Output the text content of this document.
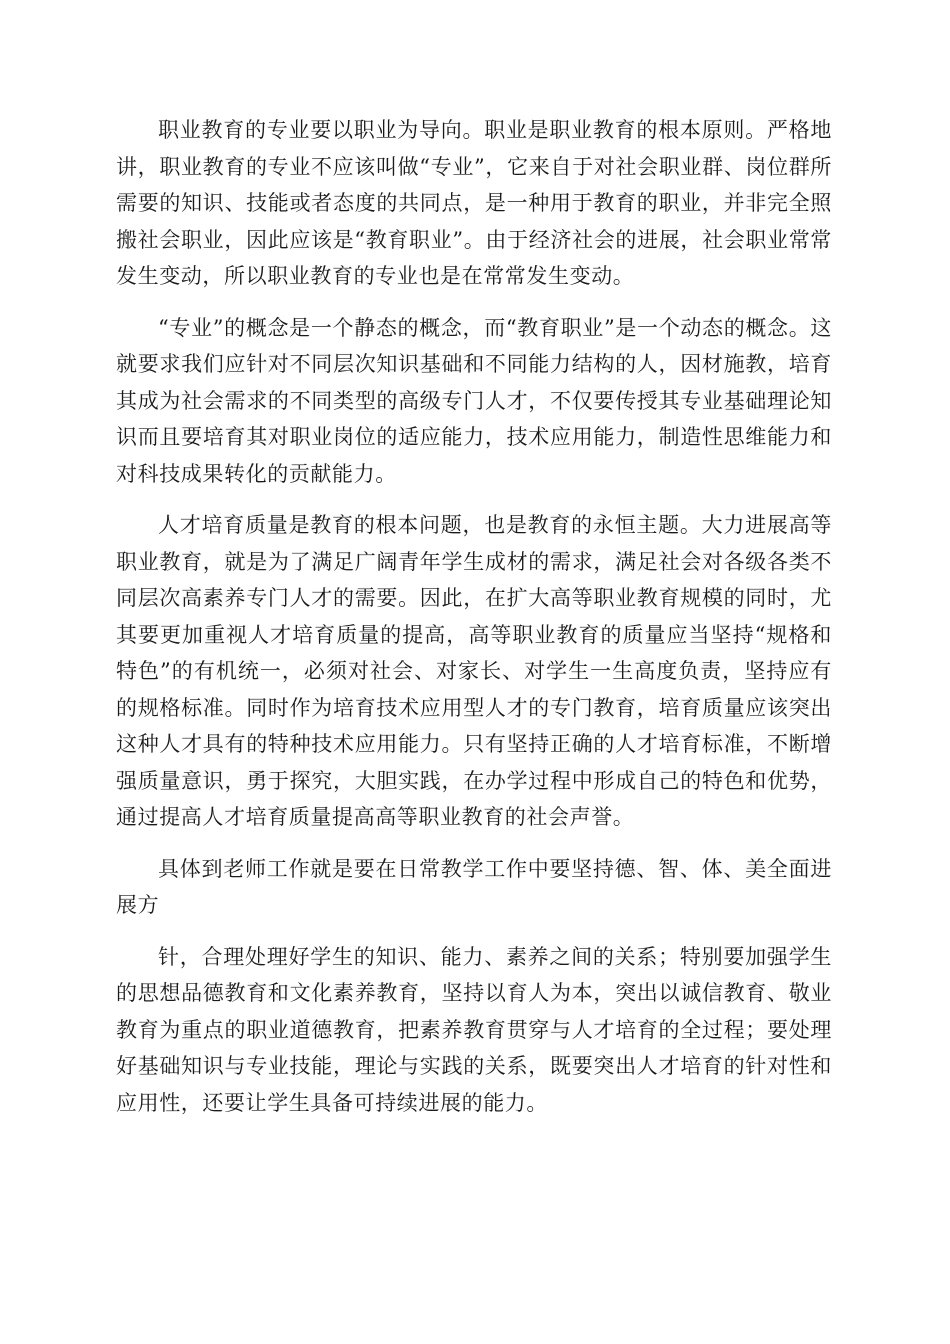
职业教育的专业要以职业为导向。职业是职业教育的根本原则。严格地讲，职业教育的专业不应该叫做“专业”，它来自于对社会职业群、岗位群所需要的知识、技能或者态度的共同点，是一种用于教育的职业，并非完全照搬社会职业，因此应该是“教育职业”。由于经济社会的进展，社会职业常常发生变动，所以职业教育的专业也是在常常发生变动。

“专业”的概念是一个静态的概念，而“教育职业”是一个动态的概念。这就要求我们应针对不同层次知识基础和不同能力结构的人，因材施教，培育其成为社会需求的不同类型的高级专门人才，不仅要传授其专业基础理论知识而且要培育其对职业岗位的适应能力，技术应用能力，制造性思维能力和对科技成果转化的贡献能力。

人才培育质量是教育的根本问题，也是教育的永恒主题。大力进展高等职业教育，就是为了满足广阔青年学生成材的需求，满足社会对各级各类不同层次高素养专门人才的需要。因此，在扩大高等职业教育规模的同时，尤其要更加重视人才培育质量的提高，高等职业教育的质量应当坚持“规格和特色”的有机统一，必须对社会、对家长、对学生一生高度负责，坚持应有的规格标准。同时作为培育技术应用型人才的专门教育，培育质量应该突出这种人才具有的特种技术应用能力。只有坚持正确的人才培育标准，不断增强质量意识，勇于探究，大胆实践，在办学过程中形成自己的特色和优势，通过提高人才培育质量提高高等职业教育的社会声誉。

具体到老师工作就是要在日常教学工作中要坚持德、智、体、美全面进展方

针，合理处理好学生的知识、能力、素养之间的关系；特别要加强学生的思想品德教育和文化素养教育，坚持以育人为本，突出以诚信教育、敬业教育为重点的职业道德教育，把素养教育贯穿与人才培育的全过程；要处理好基础知识与专业技能，理论与实践的关系，既要突出人才培育的针对性和应用性，还要让学生具备可持续进展的能力。
